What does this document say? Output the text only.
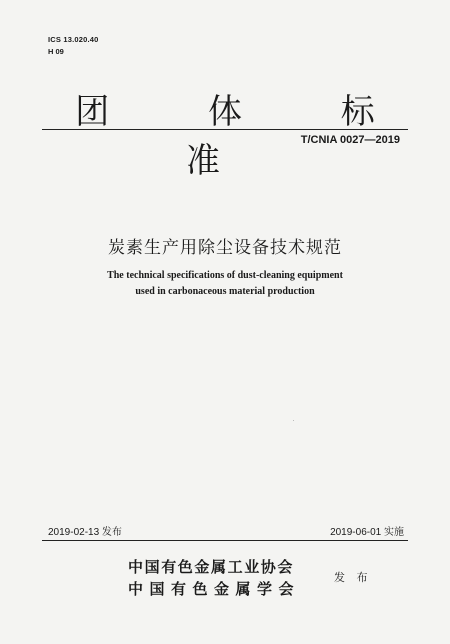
ICS 13.020.40
H 09
团 体 标 准
T/CNIA 0027—2019
炭素生产用除尘设备技术规范
The technical specifications of dust-cleaning equipment
used in carbonaceous material production
2019-02-13 发布	2019-06-01 实施
中国有色金属工业协会
中国有色金属学会
发 布
